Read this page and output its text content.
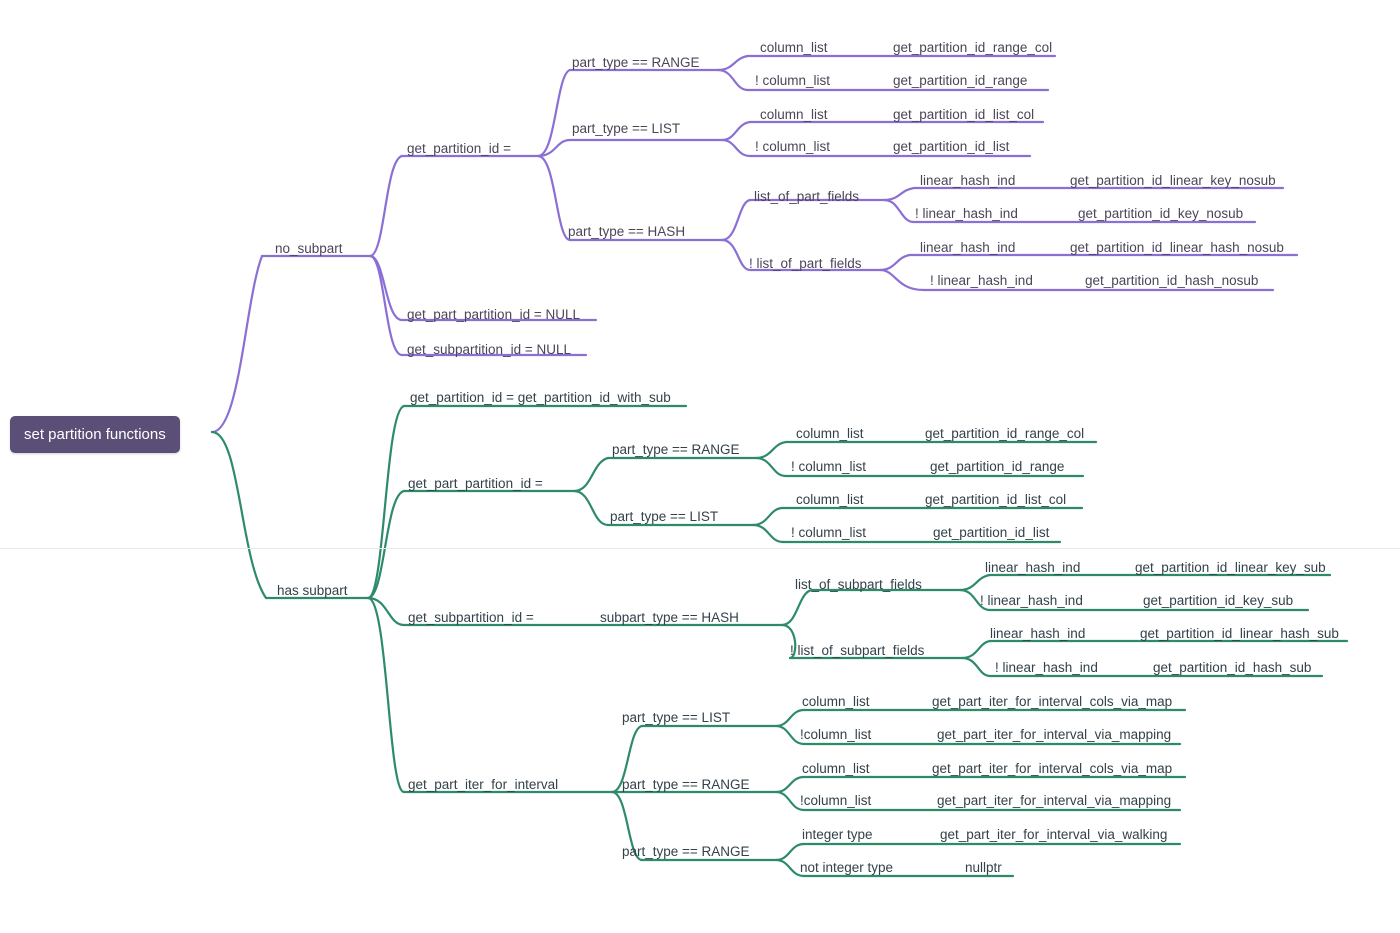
set partition functions
no_subpart
get_partition_id =
part_type == RANGE
column_list	get_partition_id_range_col
! column_list	get_partition_id_range
part_type == LIST
column_list	get_partition_id_list_col
! column_list	get_partition_id_list
part_type == HASH
list_of_part_fields
linear_hash_ind	get_partition_id_linear_key_nosub
! linear_hash_ind	get_partition_id_key_nosub
! list_of_part_fields
linear_hash_ind	get_partition_id_linear_hash_nosub
! linear_hash_ind	get_partition_id_hash_nosub
get_part_partition_id = NULL
get_subpartition_id = NULL
has subpart
get_partition_id = get_partition_id_with_sub
get_part_partition_id =
part_type == RANGE
column_list	get_partition_id_range_col
! column_list	get_partition_id_range
part_type == LIST
column_list	get_partition_id_list_col
! column_list	get_partition_id_list
get_subpartition_id =	subpart_type == HASH
list_of_subpart_fields
linear_hash_ind	get_partition_id_linear_key_sub
! linear_hash_ind	get_partition_id_key_sub
! list_of_subpart_fields
linear_hash_ind	get_partition_id_linear_hash_sub
! linear_hash_ind	get_partition_id_hash_sub
get_part_iter_for_interval
part_type == LIST
column_list	get_part_iter_for_interval_cols_via_map
!column_list	get_part_iter_for_interval_via_mapping
part_type == RANGE
column_list	get_part_iter_for_interval_cols_via_map
!column_list	get_part_iter_for_interval_via_mapping
part_type == RANGE
integer type	get_part_iter_for_interval_via_walking
not integer type	nullptr
